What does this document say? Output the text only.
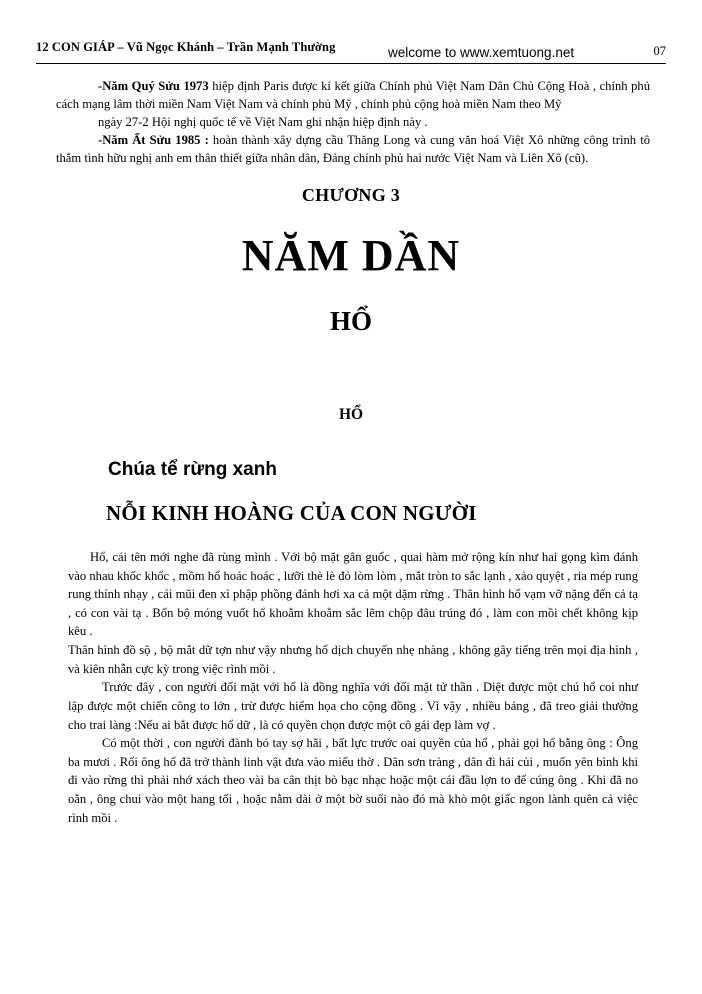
12 CON GIÁP – Vũ Ngọc Khánh – Trần Mạnh Thường	welcome to www.xemtuong.net	07

-Năm Quý Sửu 1973 hiệp định Paris được kí kết giữa Chính phủ Việt Nam Dân Chủ Cộng Hoà , chính phủ cách mạng lâm thời miền Nam Việt Nam và chính phủ Mỹ , chính phủ cộng hoà miền Nam theo Mỹ

ngày 27-2 Hội nghị quốc tế về Việt Nam ghi nhận hiệp định này .

-Năm Ất Sửu 1985 : hoàn thành xây dựng cầu Thăng Long và cung văn hoá Việt Xô những công trình tô thắm tình hữu nghị anh em thân thiết giữa nhân dân, Đảng chính phủ hai nước Việt Nam và Liên Xô (cũ).

CHƯƠNG 3
NĂM DẦN
HỔ
HỔ
Chúa tể rừng xanh
NỖI KINH HOÀNG CỦA CON NGƯỜI

Hổ, cái tên mới nghe đã rùng mình . Với bộ mặt gân guốc , quai hàm mở rộng kín như hai gọng kìm đánh vào nhau khốc khốc , mồm hổ hoác hoác , lưỡi thè lè đỏ lòm lòm , mắt tròn to sắc lạnh , xảo quyệt , ria mép rung rung thính nhạy , cái mũi đen xì phập phồng đánh hơi xa cả một dặm rừng . Thân hình hổ vạm vỡ nặng đến cả tạ , có con vài tạ . Bốn bộ móng vuốt hổ khoằm khoằm sắc lẽm chộp đâu trúng đó , làm con mồi chết không kịp kêu .

Thân hình đồ sộ , bộ mắt dữ tợn như vậy nhưng hổ dịch chuyển nhẹ nhàng , không gây tiếng trên mọi địa hình , và kiên nhẫn cực kỳ trong việc rình mồi .

Trước đây , con người đối mặt với hổ là đồng nghĩa với đối mặt tử thần . Diệt được một chú hổ coi như lập được một chiến công to lớn , trừ được hiểm họa cho cộng đồng . Vì vậy , nhiều bảng , đã treo giải thưởng cho trai làng :Nếu ai bắt được hổ dữ , là có quyền chọn được một cô gái đẹp làm vợ .

Có một thời , con người đành bó tay sợ hãi , bất lực trước oai quyền của hổ , phải gọi hổ bằng ông : Ông ba mươi . Rối ông hổ đã trở thành linh vật đưa vào miếu thờ . Dân sơn tràng , dân đi hái củi , muốn yên bình khi đi vào rừng thì phải nhớ xách theo vài ba cân thịt bò bạc nhạc hoặc một cái đầu lợn to để cúng ông . Khi đã no oằn , ông chui vào một hang tối , hoặc nằm dài ở một bờ suối nào đó mà khò một giấc ngon lành quên cả việc rình mồi .
